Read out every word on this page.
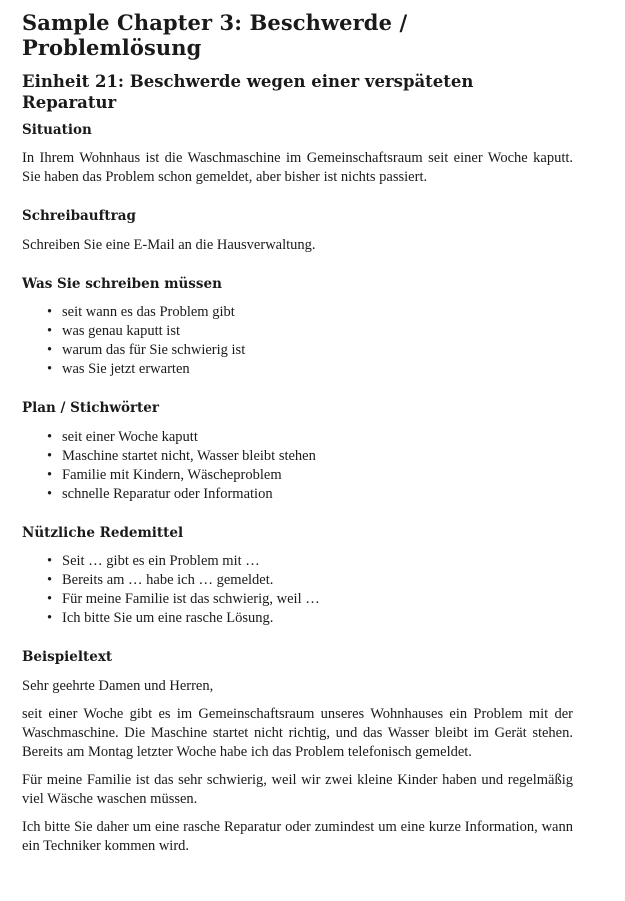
Sample Chapter 3: Beschwerde / Problemlösung
Einheit 21: Beschwerde wegen einer verspäteten Reparatur
Situation

In Ihrem Wohnhaus ist die Waschmaschine im Gemeinschaftsraum seit einer Woche kaputt. Sie haben das Problem schon gemeldet, aber bisher ist nichts passiert.

Schreibauftrag

Schreiben Sie eine E-Mail an die Hausverwaltung.

Was Sie schreiben müssen
• seit wann es das Problem gibt
• was genau kaputt ist
• warum das für Sie schwierig ist
• was Sie jetzt erwarten
Plan / Stichwörter
• seit einer Woche kaputt
• Maschine startet nicht, Wasser bleibt stehen
• Familie mit Kindern, Wäscheproblem
• schnelle Reparatur oder Information
Nützliche Redemittel
• Seit … gibt es ein Problem mit …
• Bereits am … habe ich … gemeldet.
• Für meine Familie ist das schwierig, weil …
• Ich bitte Sie um eine rasche Lösung.
Beispieltext

Sehr geehrte Damen und Herren,

seit einer Woche gibt es im Gemeinschaftsraum unseres Wohnhauses ein Problem mit der Waschmaschine. Die Maschine startet nicht richtig, und das Wasser bleibt im Gerät stehen. Bereits am Montag letzter Woche habe ich das Problem telefonisch gemeldet.

Für meine Familie ist das sehr schwierig, weil wir zwei kleine Kinder haben und regelmäßig viel Wäsche waschen müssen.

Ich bitte Sie daher um eine rasche Reparatur oder zumindest um eine kurze Information, wann ein Techniker kommen wird.
